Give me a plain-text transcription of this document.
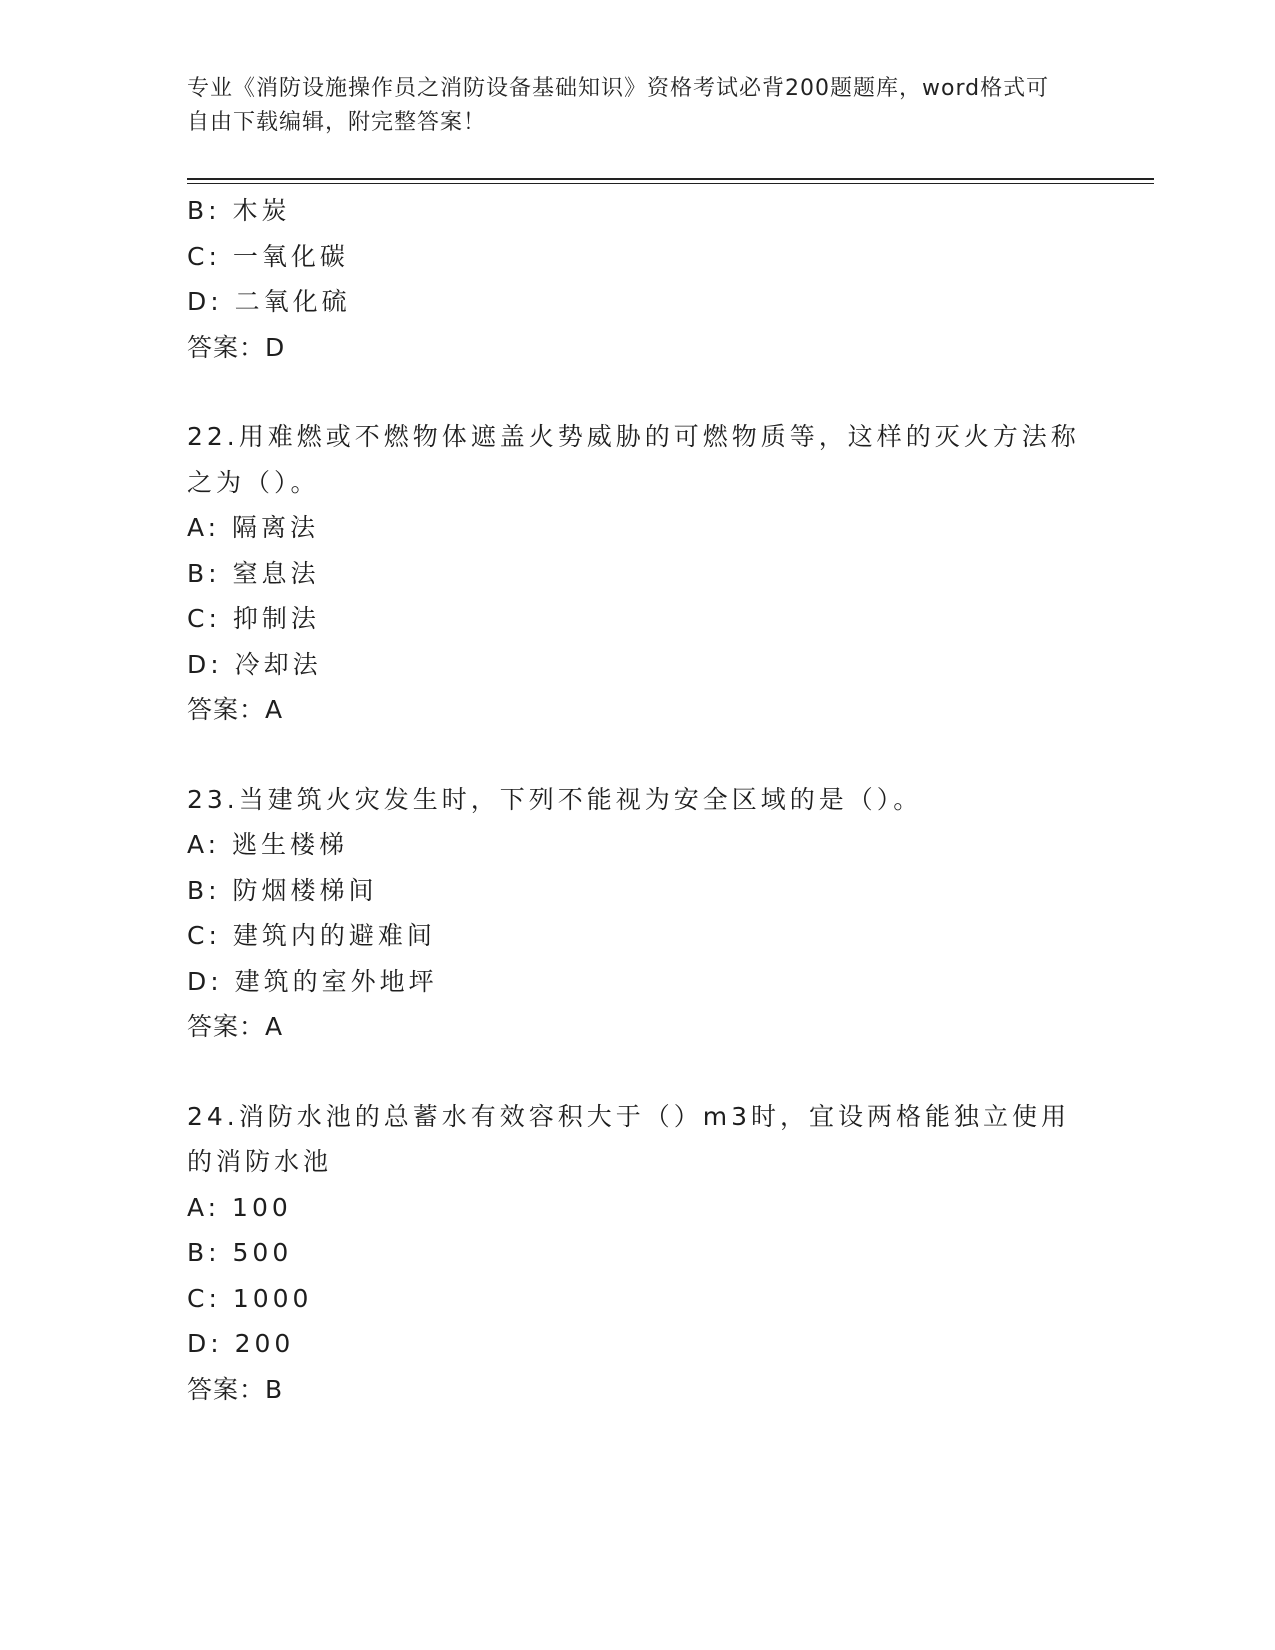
专业《消防设施操作员之消防设备基础知识》资格考试必背200题题库，word格式可自由下载编辑，附完整答案！
B: 木炭
C: 一氧化碳
D: 二氧化硫
答案：D
22.用难燃或不燃物体遮盖火势威胁的可燃物质等，这样的灭火方法称之为（）。
A: 隔离法
B: 窒息法
C: 抑制法
D: 冷却法
答案：A
23.当建筑火灾发生时，下列不能视为安全区域的是（）。
A: 逃生楼梯
B: 防烟楼梯间
C: 建筑内的避难间
D: 建筑的室外地坪
答案：A
24.消防水池的总蓄水有效容积大于（）m3时，宜设两格能独立使用的消防水池
A: 100
B: 500
C: 1000
D: 200
答案：B
